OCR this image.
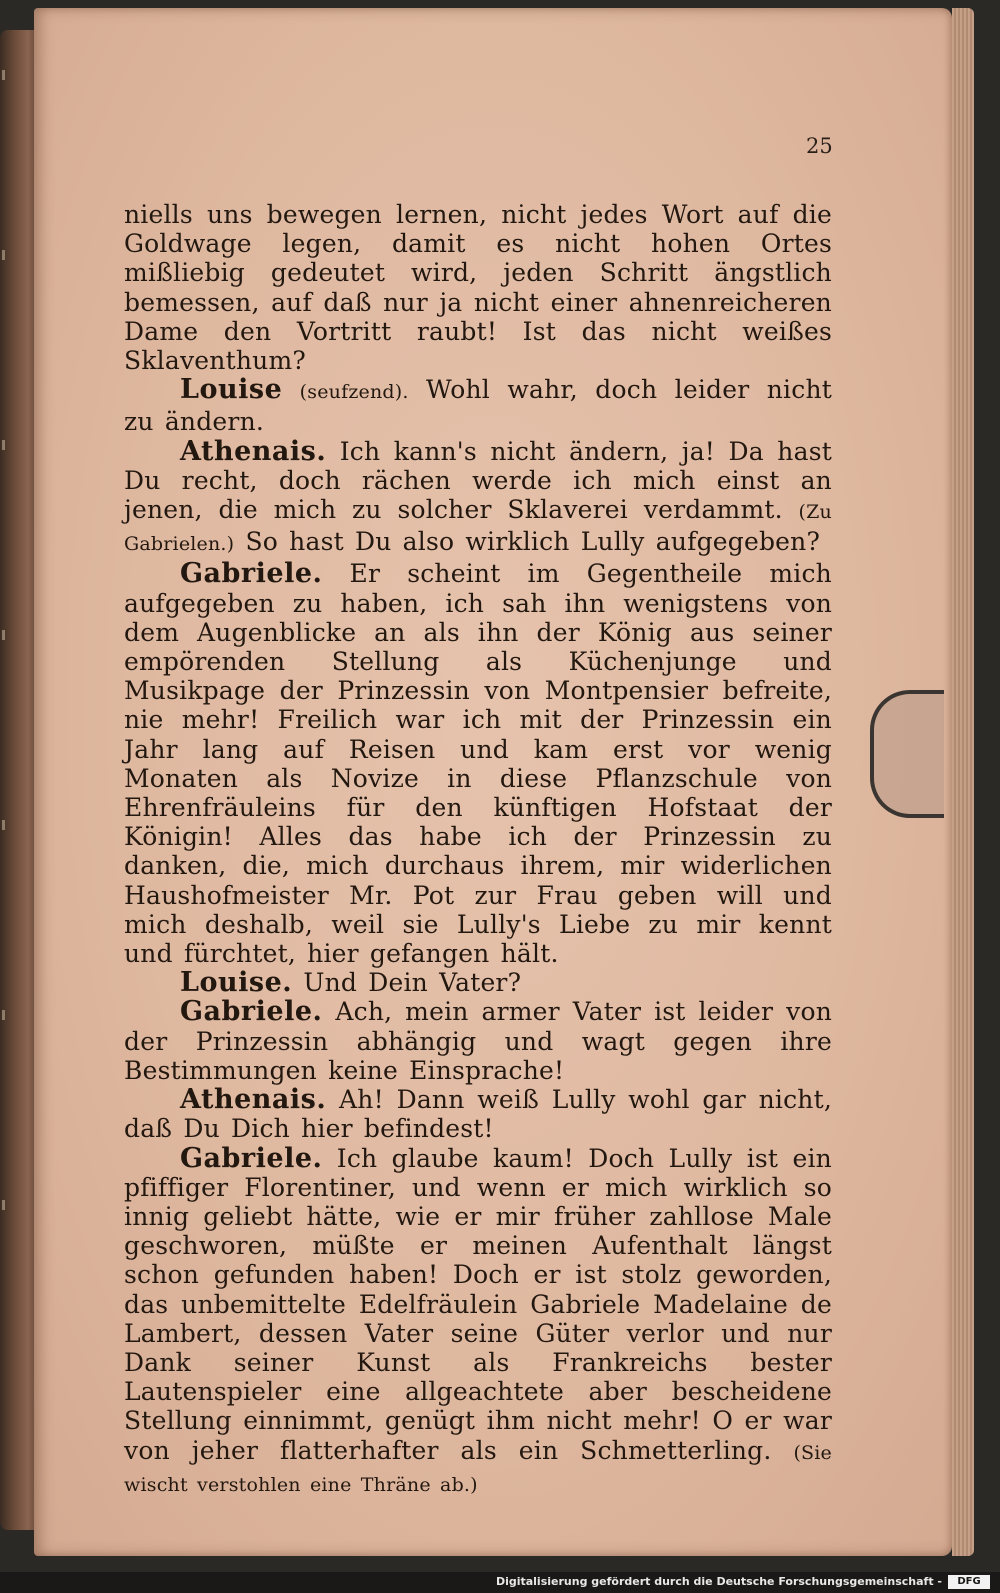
25

niells uns bewegen lernen, nicht jedes Wort auf die Goldwage legen, damit es nicht hohen Ortes mißliebig gedeutet wird, jeden Schritt ängstlich bemessen, auf daß nur ja nicht einer ahnenreicheren Dame den Vortritt raubt! Ist das nicht weißes Sklaventhum?

Louise (seufzend). Wohl wahr, doch leider nicht zu ändern.

Athenais. Ich kann's nicht ändern, ja! Da hast Du recht, doch rächen werde ich mich einst an jenen, die mich zu solcher Sklaverei verdammt. (Zu Gabrielen.) So hast Du also wirklich Lully aufgegeben?

Gabriele. Er scheint im Gegentheile mich aufgegeben zu haben, ich sah ihn wenigstens von dem Augenblicke an als ihn der König aus seiner empörenden Stellung als Küchenjunge und Musikpage der Prinzessin von Montpensier befreite, nie mehr! Freilich war ich mit der Prinzessin ein Jahr lang auf Reisen und kam erst vor wenig Monaten als Novize in diese Pflanzschule von Ehrenfräuleins für den künftigen Hofstaat der Königin! Alles das habe ich der Prinzessin zu danken, die, mich durchaus ihrem, mir widerlichen Haushofmeister Mr. Pot zur Frau geben will und mich deshalb, weil sie Lully's Liebe zu mir kennt und fürchtet, hier gefangen hält.

Louise. Und Dein Vater?

Gabriele. Ach, mein armer Vater ist leider von der Prinzessin abhängig und wagt gegen ihre Bestimmungen keine Einsprache!

Athenais. Ah! Dann weiß Lully wohl gar nicht, daß Du Dich hier befindest!

Gabriele. Ich glaube kaum! Doch Lully ist ein pfiffiger Florentiner, und wenn er mich wirklich so innig geliebt hätte, wie er mir früher zahllose Male geschworen, müßte er meinen Aufenthalt längst schon gefunden haben! Doch er ist stolz geworden, das unbemittelte Edelfräulein Gabriele Madelaine de Lambert, dessen Vater seine Güter verlor und nur Dank seiner Kunst als Frankreichs bester Lautenspieler eine allgeachtete aber bescheidene Stellung einnimmt, genügt ihm nicht mehr! O er war von jeher flatterhafter als ein Schmetterling. (Sie wischt verstohlen eine Thräne ab.)

Digitalisierung gefördert durch die Deutsche Forschungsgemeinschaft -	DFG
